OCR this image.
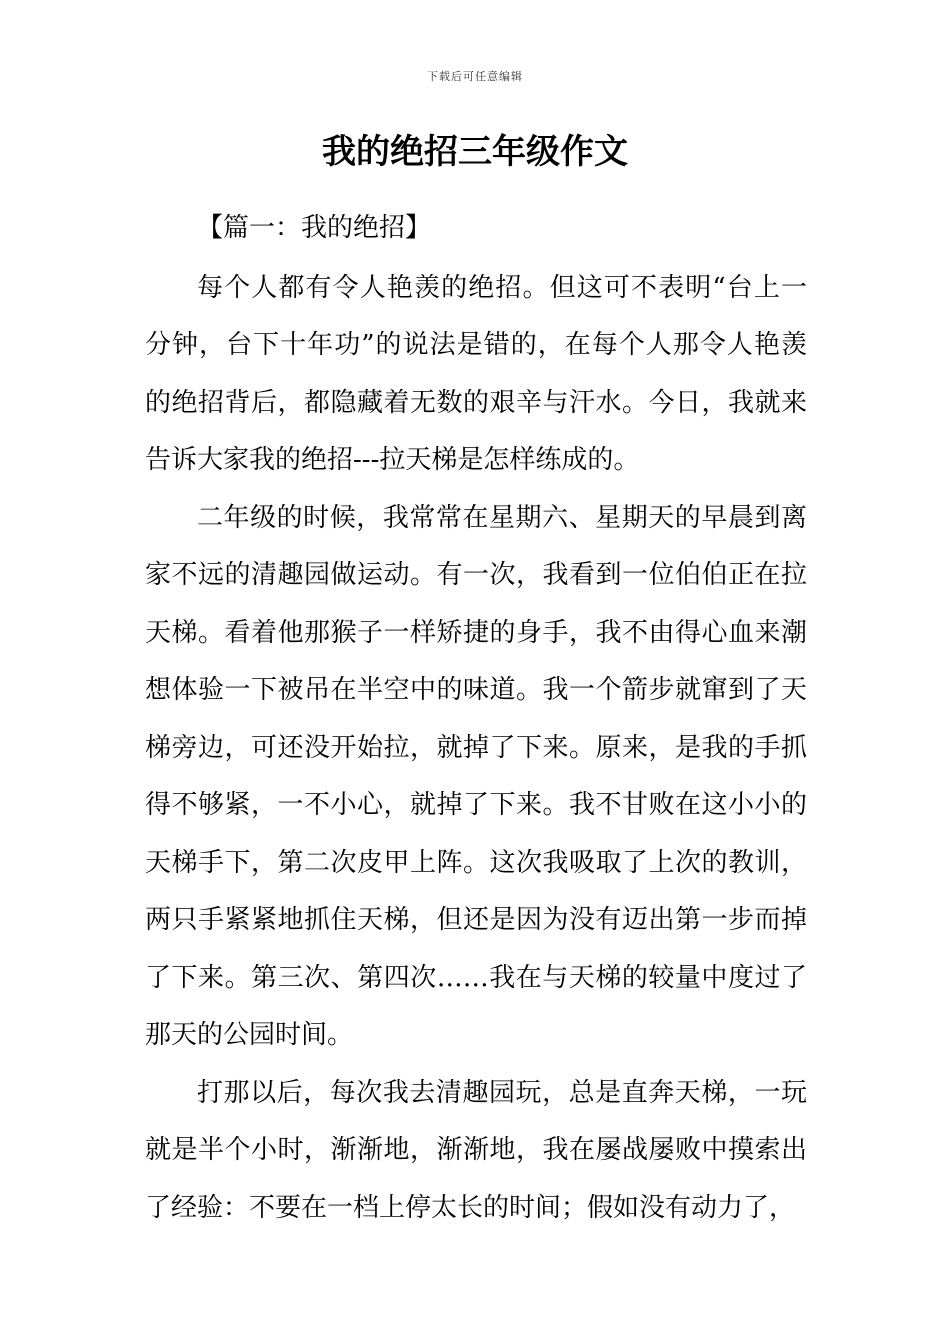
下载后可任意编辑
我的绝招三年级作文

【篇一：我的绝招】

每个人都有令人艳羡的绝招。但这可不表明“台上一分钟，台下十年功”的说法是错的，在每个人那令人艳羡的绝招背后，都隐藏着无数的艰辛与汗水。今日，我就来告诉大家我的绝招---拉天梯是怎样练成的。

二年级的时候，我常常在星期六、星期天的早晨到离家不远的清趣园做运动。有一次，我看到一位伯伯正在拉天梯。看着他那猴子一样矫捷的身手，我不由得心血来潮想体验一下被吊在半空中的味道。我一个箭步就窜到了天梯旁边，可还没开始拉，就掉了下来。原来，是我的手抓得不够紧，一不小心，就掉了下来。我不甘败在这小小的天梯手下，第二次皮甲上阵。这次我吸取了上次的教训，两只手紧紧地抓住天梯，但还是因为没有迈出第一步而掉了下来。第三次、第四次……我在与天梯的较量中度过了那天的公园时间。

打那以后，每次我去清趣园玩，总是直奔天梯，一玩就是半个小时，渐渐地，渐渐地，我在屡战屡败中摸索出了经验：不要在一档上停太长的时间；假如没有动力了，
